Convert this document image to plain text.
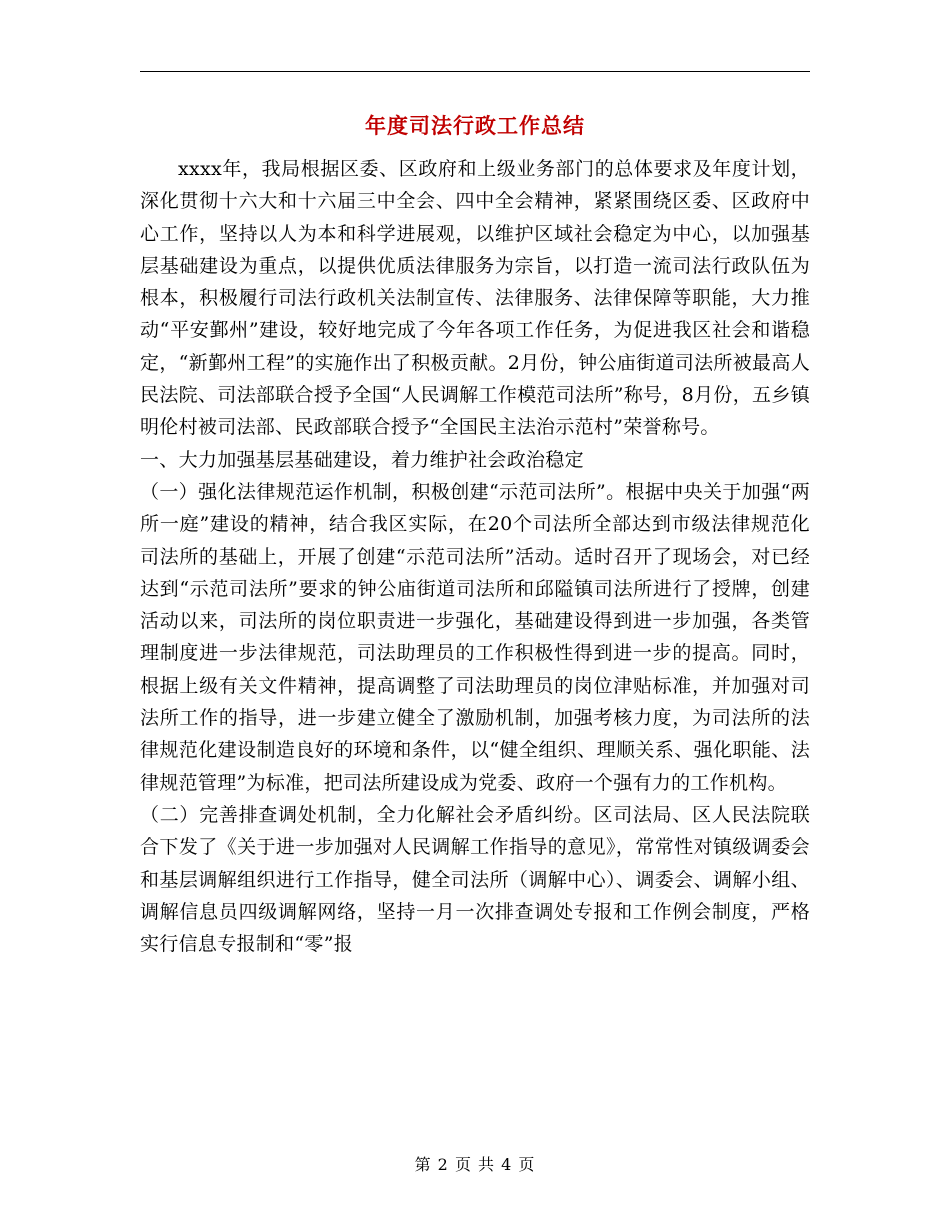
年度司法行政工作总结

xxxx年，我局根据区委、区政府和上级业务部门的总体要求及年度计划，深化贯彻十六大和十六届三中全会、四中全会精神，紧紧围绕区委、区政府中心工作，坚持以人为本和科学进展观，以维护区域社会稳定为中心，以加强基层基础建设为重点，以提供优质法律服务为宗旨，以打造一流司法行政队伍为根本，积极履行司法行政机关法制宣传、法律服务、法律保障等职能，大力推动“平安鄞州”建设，较好地完成了今年各项工作任务，为促进我区社会和谐稳定，“新鄞州工程”的实施作出了积极贡献。2月份，钟公庙街道司法所被最高人民法院、司法部联合授予全国“人民调解工作模范司法所”称号，8月份，五乡镇明伦村被司法部、民政部联合授予“全国民主法治示范村”荣誉称号。

一、大力加强基层基础建设，着力维护社会政治稳定

（一）强化法律规范运作机制，积极创建“示范司法所”。根据中央关于加强“两所一庭”建设的精神，结合我区实际，在20个司法所全部达到市级法律规范化司法所的基础上，开展了创建“示范司法所”活动。适时召开了现场会，对已经达到“示范司法所”要求的钟公庙街道司法所和邱隘镇司法所进行了授牌，创建活动以来，司法所的岗位职责进一步强化，基础建设得到进一步加强，各类管理制度进一步法律规范，司法助理员的工作积极性得到进一步的提高。同时，根据上级有关文件精神，提高调整了司法助理员的岗位津贴标准，并加强对司法所工作的指导，进一步建立健全了激励机制，加强考核力度，为司法所的法律规范化建设制造良好的环境和条件，以“健全组织、理顺关系、强化职能、法律规范管理”为标准，把司法所建设成为党委、政府一个强有力的工作机构。

（二）完善排查调处机制，全力化解社会矛盾纠纷。区司法局、区人民法院联合下发了《关于进一步加强对人民调解工作指导的意见》，常常性对镇级调委会和基层调解组织进行工作指导，健全司法所（调解中心）、调委会、调解小组、调解信息员四级调解网络，坚持一月一次排查调处专报和工作例会制度，严格实行信息专报制和“零”报

第 2 页 共 4 页
